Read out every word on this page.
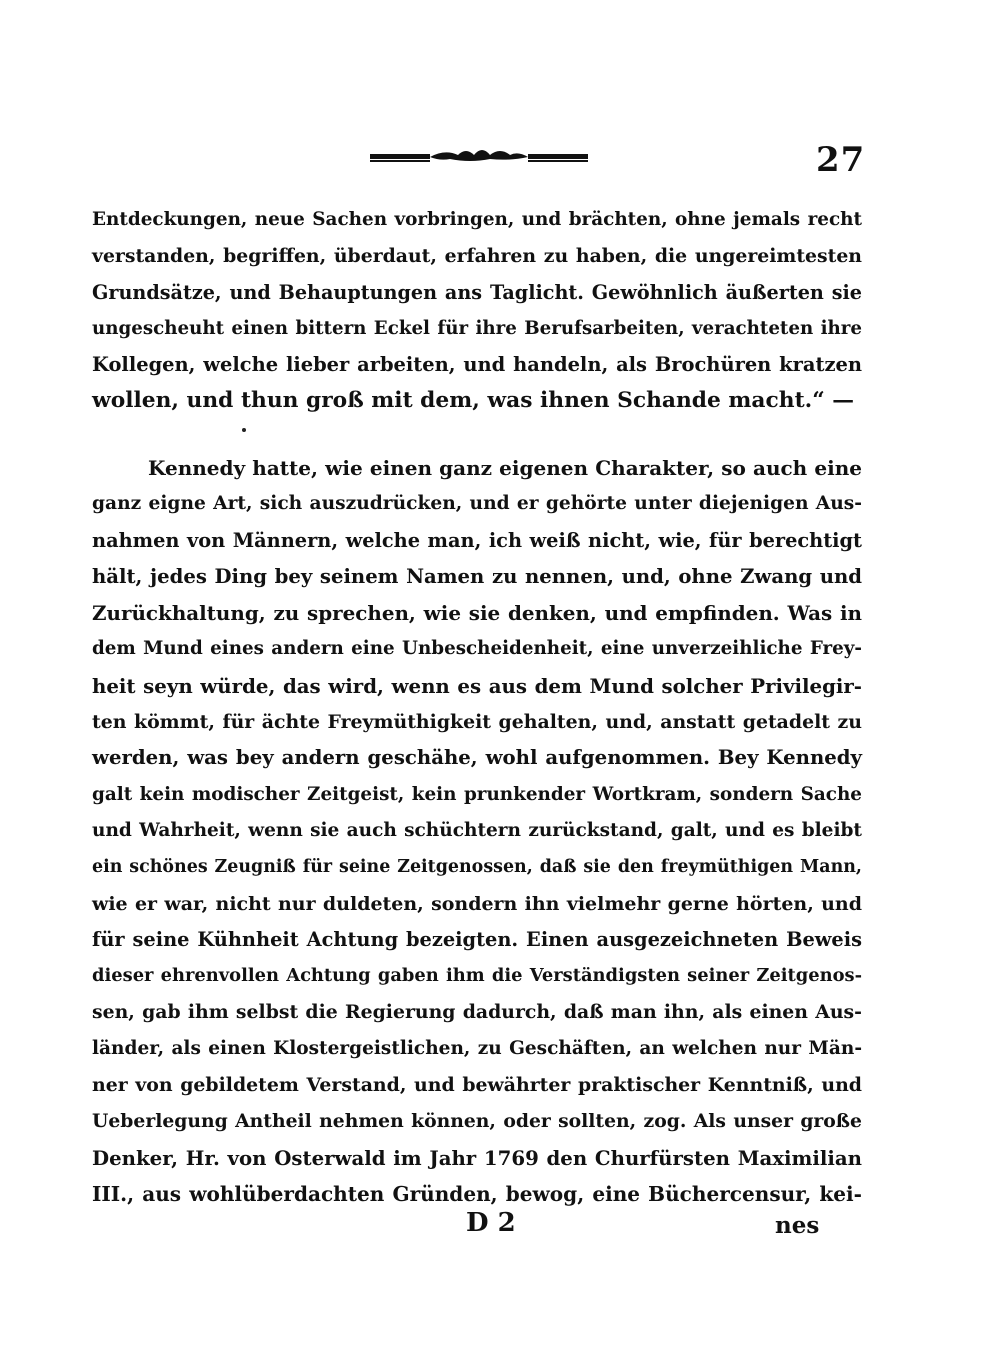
27
Entdeckungen, neue Sachen vorbringen, und brächten, ohne jemals recht
verstanden, begriffen, überdaut, erfahren zu haben, die ungereimtesten
Grundsätze, und Behauptungen ans Taglicht. Gewöhnlich äußerten sie
ungescheuht einen bittern Eckel für ihre Berufsarbeiten, verachteten ihre
Kollegen, welche lieber arbeiten, und handeln, als Brochüren kratzen
wollen, und thun groß mit dem, was ihnen Schande macht.“ —
Kennedy hatte, wie einen ganz eigenen Charakter, so auch eine
ganz eigne Art, sich auszudrücken, und er gehörte unter diejenigen Aus-
nahmen von Männern, welche man, ich weiß nicht, wie, für berechtigt
hält, jedes Ding bey seinem Namen zu nennen, und, ohne Zwang und
Zurückhaltung, zu sprechen, wie sie denken, und empfinden. Was in
dem Mund eines andern eine Unbescheidenheit, eine unverzeihliche Frey-
heit seyn würde, das wird, wenn es aus dem Mund solcher Privilegir-
ten kömmt, für ächte Freymüthigkeit gehalten, und, anstatt getadelt zu
werden, was bey andern geschähe, wohl aufgenommen. Bey Kennedy
galt kein modischer Zeitgeist, kein prunkender Wortkram, sondern Sache
und Wahrheit, wenn sie auch schüchtern zurückstand, galt, und es bleibt
ein schönes Zeugniß für seine Zeitgenossen, daß sie den freymüthigen Mann,
wie er war, nicht nur duldeten, sondern ihn vielmehr gerne hörten, und
für seine Kühnheit Achtung bezeigten. Einen ausgezeichneten Beweis
dieser ehrenvollen Achtung gaben ihm die Verständigsten seiner Zeitgenos-
sen, gab ihm selbst die Regierung dadurch, daß man ihn, als einen Aus-
länder, als einen Klostergeistlichen, zu Geschäften, an welchen nur Män-
ner von gebildetem Verstand, und bewährter praktischer Kenntniß, und
Ueberlegung Antheil nehmen können, oder sollten, zog. Als unser große
Denker, Hr. von Osterwald im Jahr 1769 den Churfürsten Maximilian
III., aus wohlüberdachten Gründen, bewog, eine Büchercensur, kei-
D 2	nes
